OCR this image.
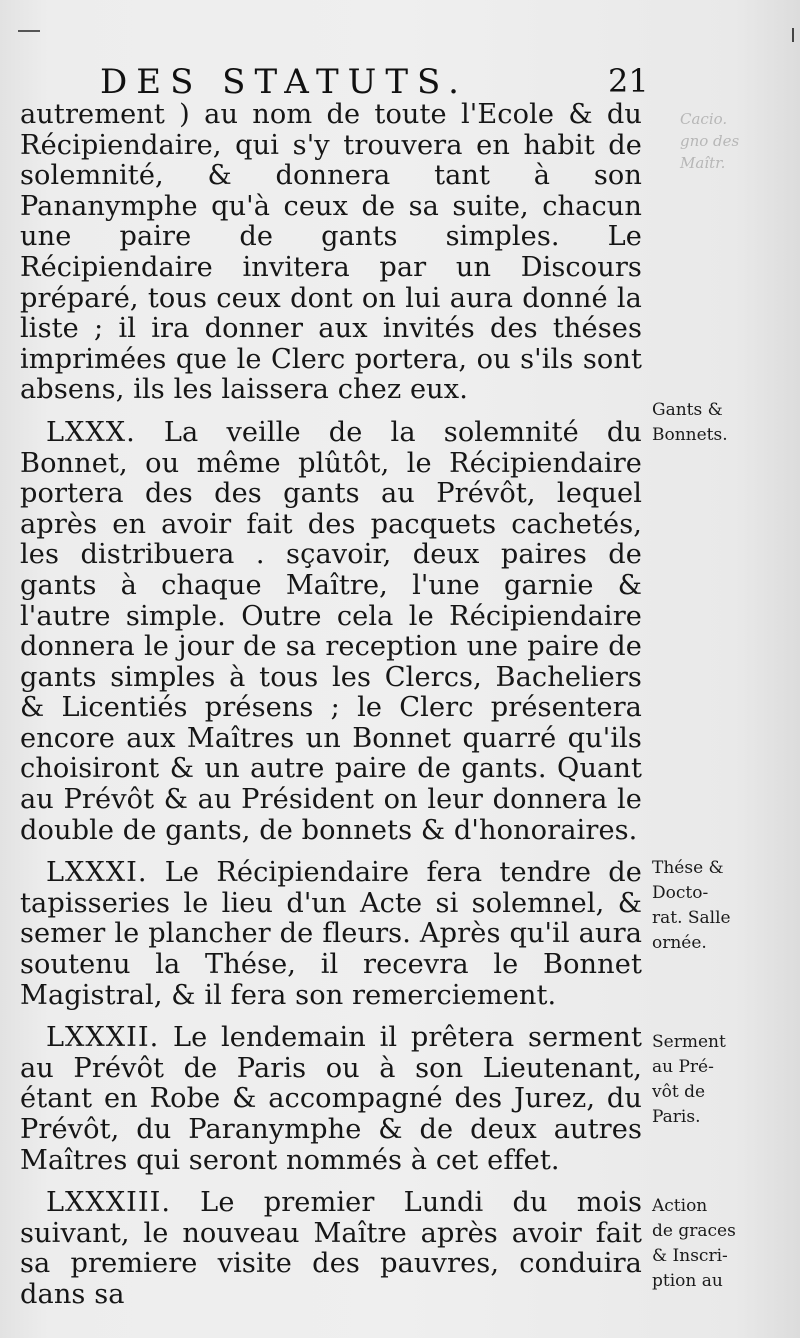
DES STATUTS.	21
Cacio.
gno des
Maîtr.

autrement ) au nom de toute l'Ecole & du Récipiendaire, qui s'y trouvera en habit de solemnité, & donnera tant à son Pananymphe qu'à ceux de sa suite, chacun une paire de gants simples. Le Récipiendaire invitera par un Discours préparé, tous ceux dont on lui aura donné la liste ; il ira donner aux invités des théses imprimées que le Clerc portera, ou s'ils sont absens, ils les laissera chez eux.

LXXX. La veille de la solemnité du Bonnet, ou même plûtôt, le Récipiendaire portera des des gants au Prévôt, lequel après en avoir fait des pacquets cachetés, les distribuera . sçavoir, deux paires de gants à chaque Maître, l'une garnie & l'autre simple. Outre cela le Récipiendaire donnera le jour de sa reception une paire de gants simples à tous les Clercs, Bacheliers & Licentiés présens ; le Clerc présentera encore aux Maîtres un Bonnet quarré qu'ils choisiront & un autre paire de gants. Quant au Prévôt & au Président on leur donnera le double de gants, de bonnets & d'honoraires.

LXXXI. Le Récipiendaire fera tendre de tapisseries le lieu d'un Acte si solemnel, & semer le plancher de fleurs. Après qu'il aura soutenu la Thése, il recevra le Bonnet Magistral, & il fera son remerciement.

LXXXII. Le lendemain il prêtera serment au Prévôt de Paris ou à son Lieutenant, étant en Robe & accompagné des Jurez, du Prévôt, du Paranymphe & de deux autres Maîtres qui seront nommés à cet effet.

LXXXIII. Le premier Lundi du mois suivant, le nouveau Maître après avoir fait sa premiere visite des pauvres, conduira dans sa

Gants &
Bonnets.
Thése &
Docto-
rat. Salle
ornée.
Serment
au Pré-
vôt de
Paris.
Action
de graces
& Inscri-
ption au
